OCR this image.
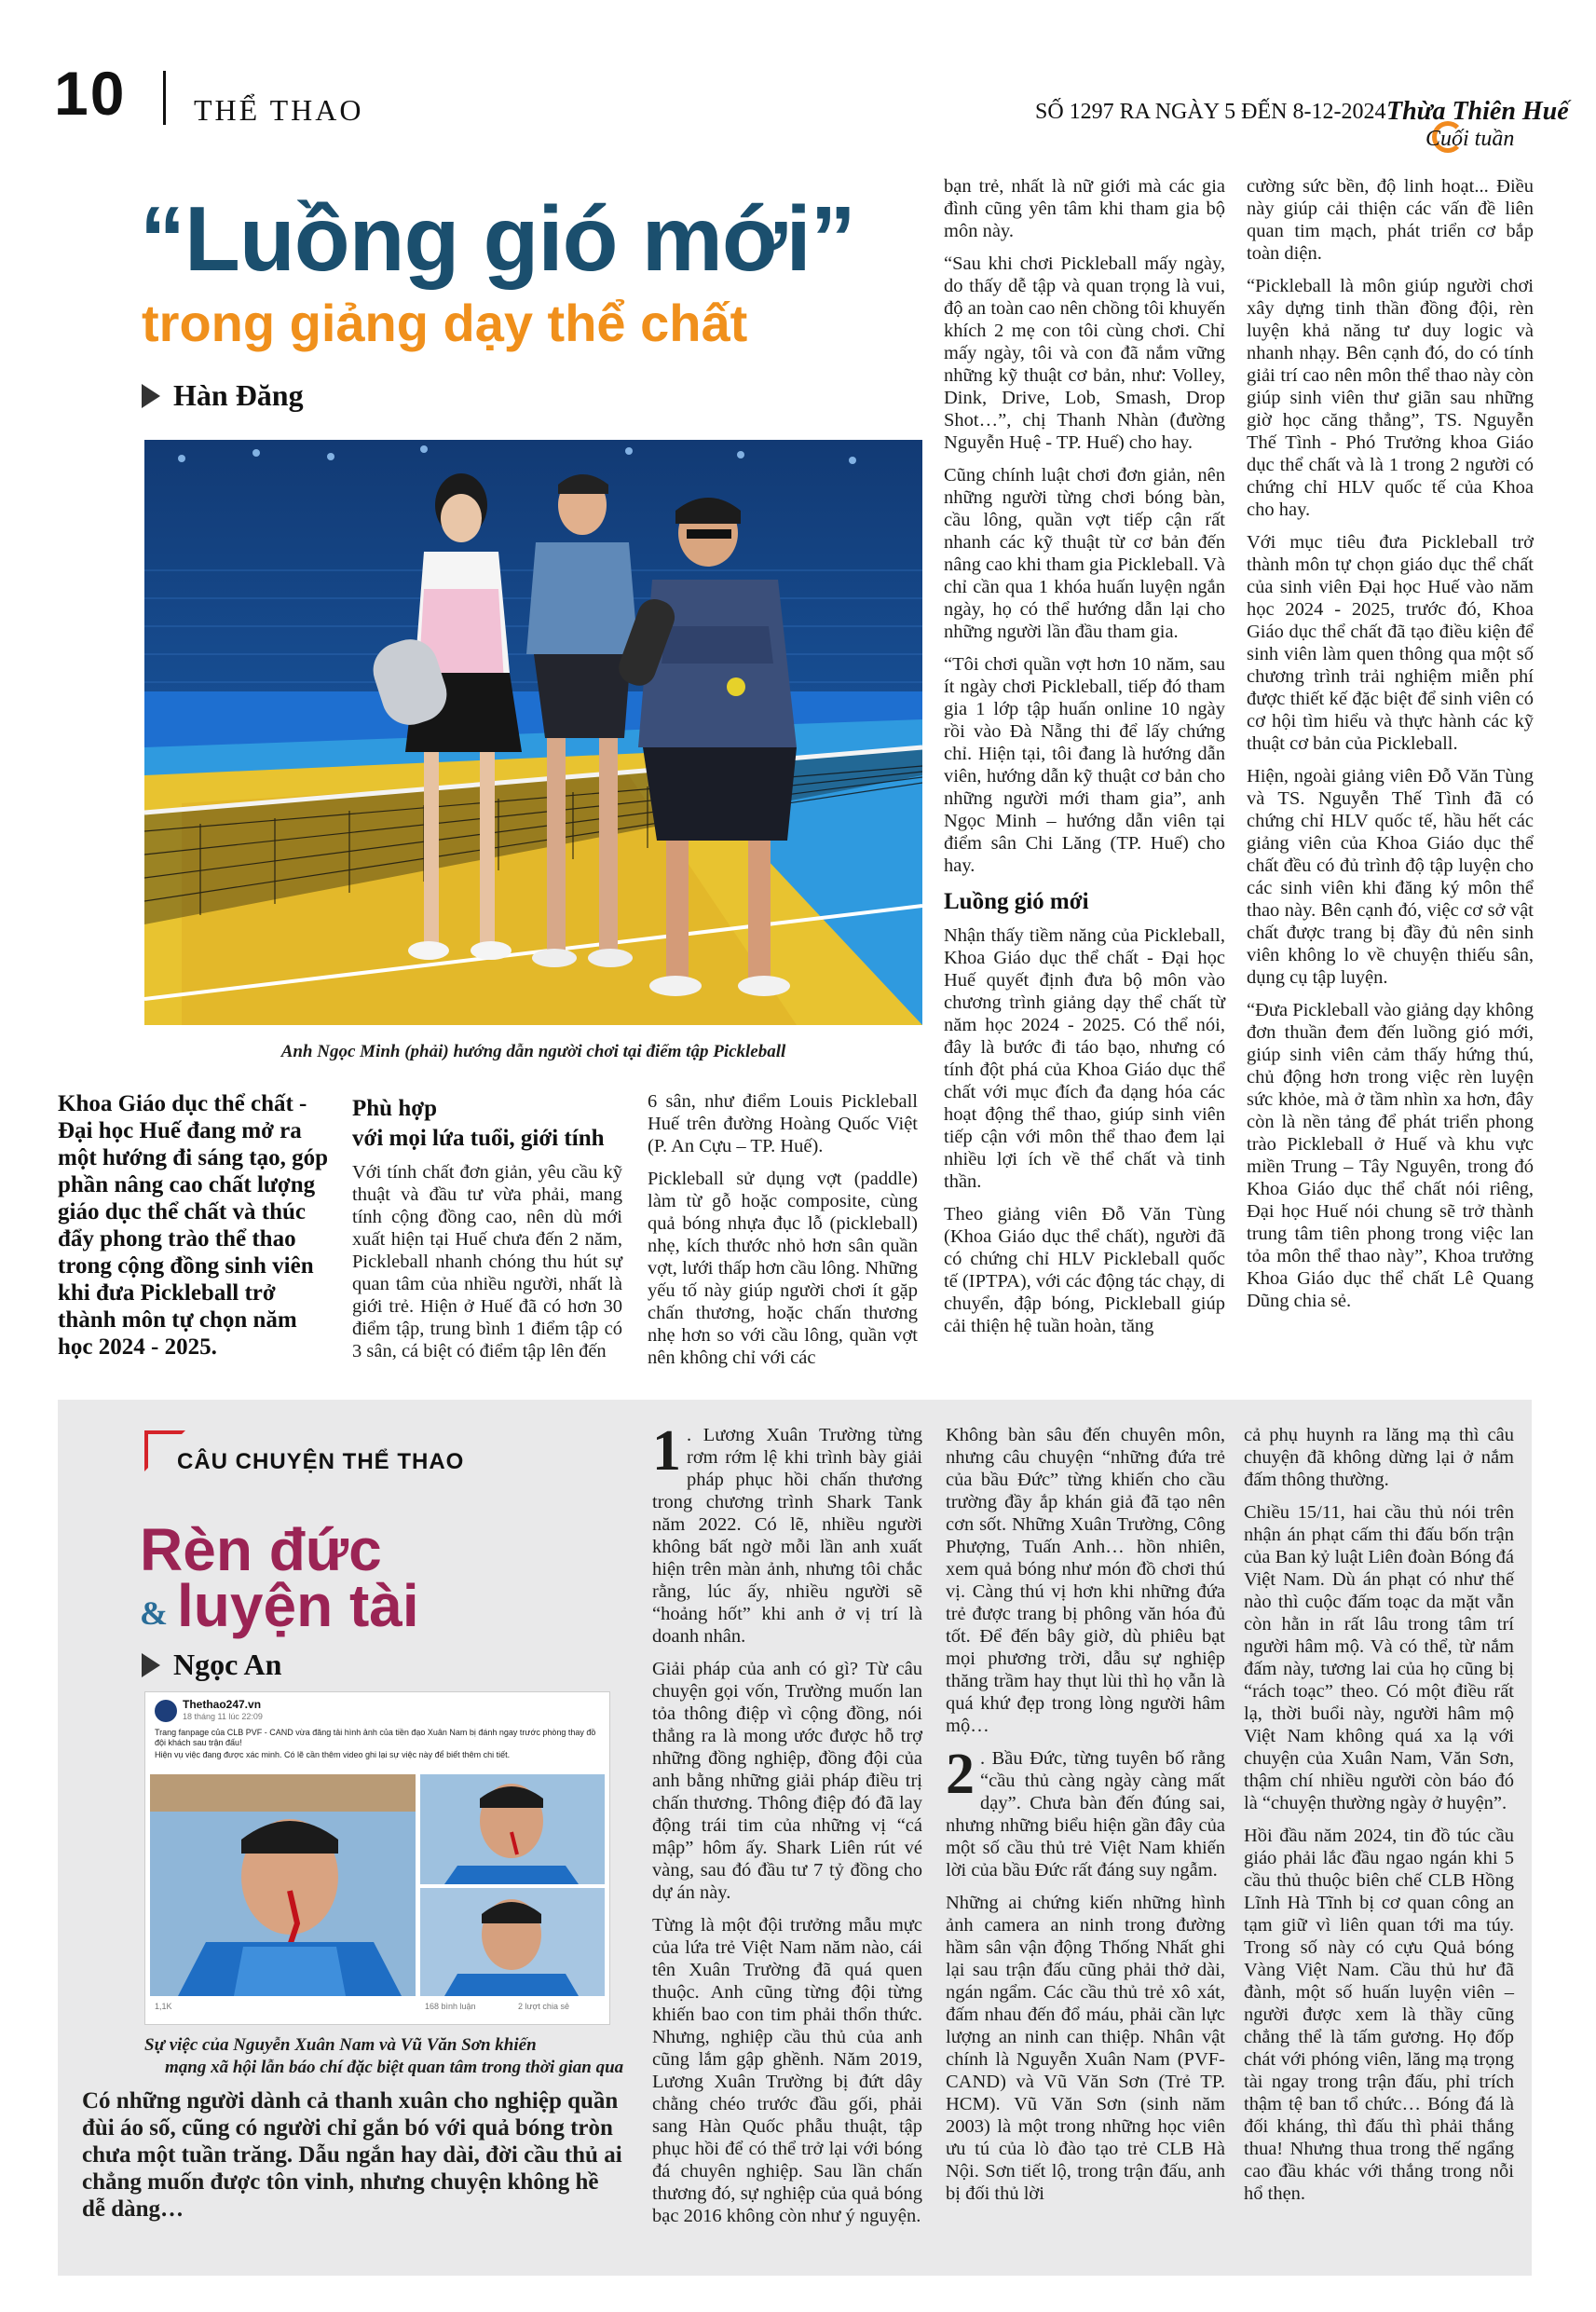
10 THỂ THAO	SỐ 1297 RA NGÀY 5 ĐẾN 8-12-2024 Thừa Thiên Huế
Cuối tuần
“Luồng gió mới”
trong giảng dạy thể chất
Hàn Đăng
Anh Ngọc Minh (phải) hướng dẫn người chơi tại điểm tập Pickleball
Khoa Giáo dục thể chất - Đại học Huế đang mở ra một hướng đi sáng tạo, góp phần nâng cao chất lượng giáo dục thể chất và thúc đẩy phong trào thể thao trong cộng đồng sinh viên khi đưa Pickleball trở thành môn tự chọn năm học 2024 - 2025.
Phù hợp
với mọi lứa tuổi, giới tính

Với tính chất đơn giản, yêu cầu kỹ thuật và đầu tư vừa phải, mang tính cộng đồng cao, nên dù mới xuất hiện tại Huế chưa đến 2 năm, Pickleball nhanh chóng thu hút sự quan tâm của nhiều người, nhất là giới trẻ. Hiện ở Huế đã có hơn 30 điểm tập, trung bình 1 điểm tập có 3 sân, cá biệt có điểm tập lên đến

6 sân, như điểm Louis Pickleball Huế trên đường Hoàng Quốc Việt (P. An Cựu – TP. Huế).

Pickleball sử dụng vợt (paddle) làm từ gỗ hoặc composite, cùng quả bóng nhựa đục lỗ (pickleball) nhẹ, kích thước nhỏ hơn sân quần vợt, lưới thấp hơn cầu lông. Những yếu tố này giúp người chơi ít gặp chấn thương, hoặc chấn thương nhẹ hơn so với cầu lông, quần vợt nên không chỉ với các

bạn trẻ, nhất là nữ giới mà các gia đình cũng yên tâm khi tham gia bộ môn này.

“Sau khi chơi Pickleball mấy ngày, do thấy dễ tập và quan trọng là vui, độ an toàn cao nên chồng tôi khuyến khích 2 mẹ con tôi cùng chơi. Chỉ mấy ngày, tôi và con đã nắm vững những kỹ thuật cơ bản, như: Volley, Dink, Drive, Lob, Smash, Drop Shot…”, chị Thanh Nhàn (đường Nguyễn Huệ - TP. Huế) cho hay.

Cũng chính luật chơi đơn giản, nên những người từng chơi bóng bàn, cầu lông, quần vợt tiếp cận rất nhanh các kỹ thuật từ cơ bản đến nâng cao khi tham gia Pickleball. Và chỉ cần qua 1 khóa huấn luyện ngắn ngày, họ có thể hướng dẫn lại cho những người lần đầu tham gia.

“Tôi chơi quần vợt hơn 10 năm, sau ít ngày chơi Pickleball, tiếp đó tham gia 1 lớp tập huấn online 10 ngày rồi vào Đà Nẵng thi để lấy chứng chỉ. Hiện tại, tôi đang là hướng dẫn viên, hướng dẫn kỹ thuật cơ bản cho những người mới tham gia”, anh Ngọc Minh – hướng dẫn viên tại điểm sân Chi Lăng (TP. Huế) cho hay.

Luồng gió mới

Nhận thấy tiềm năng của Pickleball, Khoa Giáo dục thể chất - Đại học Huế quyết định đưa bộ môn vào chương trình giảng dạy thể chất từ năm học 2024 - 2025. Có thể nói, đây là bước đi táo bạo, nhưng có tính đột phá của Khoa Giáo dục thể chất với mục đích đa dạng hóa các hoạt động thể thao, giúp sinh viên tiếp cận với môn thể thao đem lại nhiều lợi ích về thể chất và tinh thần.

Theo giảng viên Đỗ Văn Tùng (Khoa Giáo dục thể chất), người đã có chứng chỉ HLV Pickleball quốc tế (IPTPA), với các động tác chạy, di chuyển, đập bóng, Pickleball giúp cải thiện hệ tuần hoàn, tăng

cường sức bền, độ linh hoạt... Điều này giúp cải thiện các vấn đề liên quan tim mạch, phát triển cơ bắp toàn diện.

“Pickleball là môn giúp người chơi xây dựng tinh thần đồng đội, rèn luyện khả năng tư duy logic và nhanh nhạy. Bên cạnh đó, do có tính giải trí cao nên môn thể thao này còn giúp sinh viên thư giãn sau những giờ học căng thẳng”, TS. Nguyễn Thế Tình - Phó Trưởng khoa Giáo dục thể chất và là 1 trong 2 người có chứng chỉ HLV quốc tế của Khoa cho hay.

Với mục tiêu đưa Pickleball trở thành môn tự chọn giáo dục thể chất của sinh viên Đại học Huế vào năm học 2024 - 2025, trước đó, Khoa Giáo dục thể chất đã tạo điều kiện để sinh viên làm quen thông qua một số chương trình trải nghiệm miễn phí được thiết kế đặc biệt để sinh viên có cơ hội tìm hiểu và thực hành các kỹ thuật cơ bản của Pickleball.

Hiện, ngoài giảng viên Đỗ Văn Tùng và TS. Nguyễn Thế Tình đã có chứng chỉ HLV quốc tế, hầu hết các giảng viên của Khoa Giáo dục thể chất đều có đủ trình độ tập luyện cho các sinh viên khi đăng ký môn thể thao này. Bên cạnh đó, việc cơ sở vật chất được trang bị đầy đủ nên sinh viên không lo về chuyện thiếu sân, dụng cụ tập luyện.

“Đưa Pickleball vào giảng dạy không đơn thuần đem đến luồng gió mới, giúp sinh viên cảm thấy hứng thú, chủ động hơn trong việc rèn luyện sức khỏe, mà ở tầm nhìn xa hơn, đây còn là nền tảng để phát triển phong trào Pickleball ở Huế và khu vực miền Trung – Tây Nguyên, trong đó Khoa Giáo dục thể chất nói riêng, Đại học Huế nói chung sẽ trở thành trung tâm tiên phong trong việc lan tỏa môn thể thao này”, Khoa trưởng Khoa Giáo dục thể chất Lê Quang Dũng chia sẻ.

CÂU CHUYỆN THỂ THAO
Rèn đức
& luyện tài
Ngọc An
Thethao247.vn
18 tháng 11 lúc 22:09
Trang fanpage của CLB PVF - CAND vừa đăng tải hình ảnh của tiền đạo Xuân Nam bị đánh ngay trước phòng thay đồ đội khách sau trận đấu!
Hiện vụ việc đang được xác minh. Có lẽ cần thêm video ghi lại sự việc này để biết thêm chi tiết.
1,1K	168 bình luận	2 lượt chia sẻ
Sự việc của Nguyễn Xuân Nam và Vũ Văn Sơn khiến
mạng xã hội lẫn báo chí đặc biệt quan tâm trong thời gian qua
Có những người dành cả thanh xuân cho nghiệp quần đùi áo số, cũng có người chỉ gắn bó với quả bóng tròn chưa một tuần trăng. Dẫu ngắn hay dài, đời cầu thủ ai chẳng muốn được tôn vinh, nhưng chuyện không hề dễ dàng…

1 . Lương Xuân Trường từng rơm rớm lệ khi trình bày giải pháp phục hồi chấn thương trong chương trình Shark Tank năm 2022. Có lẽ, nhiều người không bất ngờ mỗi lần anh xuất hiện trên màn ảnh, nhưng tôi chắc rằng, lúc ấy, nhiều người sẽ “hoảng hốt” khi anh ở vị trí là doanh nhân.

Giải pháp của anh có gì? Từ câu chuyện gọi vốn, Trường muốn lan tỏa thông điệp vì cộng đồng, nói thẳng ra là mong ước được hỗ trợ những đồng nghiệp, đồng đội của anh bằng những giải pháp điều trị chấn thương. Thông điệp đó đã lay động trái tim của những vị “cá mập” hôm ấy. Shark Liên rút vé vàng, sau đó đầu tư 7 tỷ đồng cho dự án này.

Từng là một đội trưởng mẫu mực của lứa trẻ Việt Nam năm nào, cái tên Xuân Trường đã quá quen thuộc. Anh cũng từng đội từng khiến bao con tim phải thổn thức. Nhưng, nghiệp cầu thủ của anh cũng lắm gập ghềnh. Năm 2019, Lương Xuân Trường bị đứt dây chằng chéo trước đầu gối, phải sang Hàn Quốc phẫu thuật, tập phục hồi để có thể trở lại với bóng đá chuyên nghiệp. Sau lần chấn thương đó, sự nghiệp của quả bóng bạc 2016 không còn như ý nguyện.

Không bàn sâu đến chuyên môn, nhưng câu chuyện “những đứa trẻ của bầu Đức” từng khiến cho cầu trường đầy ắp khán giả đã tạo nên cơn sốt. Những Xuân Trường, Công Phượng, Tuấn Anh… hồn nhiên, xem quả bóng như món đồ chơi thú vị. Càng thú vị hơn khi những đứa trẻ được trang bị phông văn hóa đủ tốt. Để đến bây giờ, dù phiêu bạt mọi phương trời, dẫu sự nghiệp thăng trầm hay thụt lùi thì họ vẫn là quá khứ đẹp trong lòng người hâm mộ…

2 . Bầu Đức, từng tuyên bố rằng “cầu thủ càng ngày càng mất dạy”. Chưa bàn đến đúng sai, nhưng những biểu hiện gần đây của một số cầu thủ trẻ Việt Nam khiến lời của bầu Đức rất đáng suy ngẫm.

Những ai chứng kiến những hình ảnh camera an ninh trong đường hầm sân vận động Thống Nhất ghi lại sau trận đấu cũng phải thở dài, ngán ngẩm. Các cầu thủ trẻ xô xát, đấm nhau đến đổ máu, phải cần lực lượng an ninh can thiệp. Nhân vật chính là Nguyễn Xuân Nam (PVF-CAND) và Vũ Văn Sơn (Trẻ TP. HCM). Vũ Văn Sơn (sinh năm 2003) là một trong những học viên ưu tú của lò đào tạo trẻ CLB Hà Nội. Sơn tiết lộ, trong trận đấu, anh bị đối thủ lời

cả phụ huynh ra lăng mạ thì câu chuyện đã không dừng lại ở nắm đấm thông thường.

Chiều 15/11, hai cầu thủ nói trên nhận án phạt cấm thi đấu bốn trận của Ban kỷ luật Liên đoàn Bóng đá Việt Nam. Dù án phạt có như thế nào thì cuộc đấm toạc da mặt vẫn còn hằn in rất lâu trong tâm trí người hâm mộ. Và có thể, từ nắm đấm này, tương lai của họ cũng bị “rách toạc” theo. Có một điều rất lạ, thời buổi này, người hâm mộ Việt Nam không quá xa lạ với chuyện của Xuân Nam, Văn Sơn, thậm chí nhiều người còn báo đó là “chuyện thường ngày ở huyện”.

Hồi đầu năm 2024, tin đồ túc cầu giáo phải lắc đầu ngao ngán khi 5 cầu thủ thuộc biên chế CLB Hồng Lĩnh Hà Tĩnh bị cơ quan công an tạm giữ vì liên quan tới ma túy. Trong số này có cựu Quả bóng Vàng Việt Nam. Cầu thủ hư đã đành, một số huấn luyện viên – người được xem là thầy cũng chẳng thể là tấm gương. Họ đốp chát với phóng viên, lăng mạ trọng tài ngay trong trận đấu, phỉ trích thậm tệ ban tổ chức… Bóng đá là đối kháng, thì đấu thì phải thắng thua! Nhưng thua trong thế ngẩng cao đầu khác với thắng trong nỗi hổ thẹn.
